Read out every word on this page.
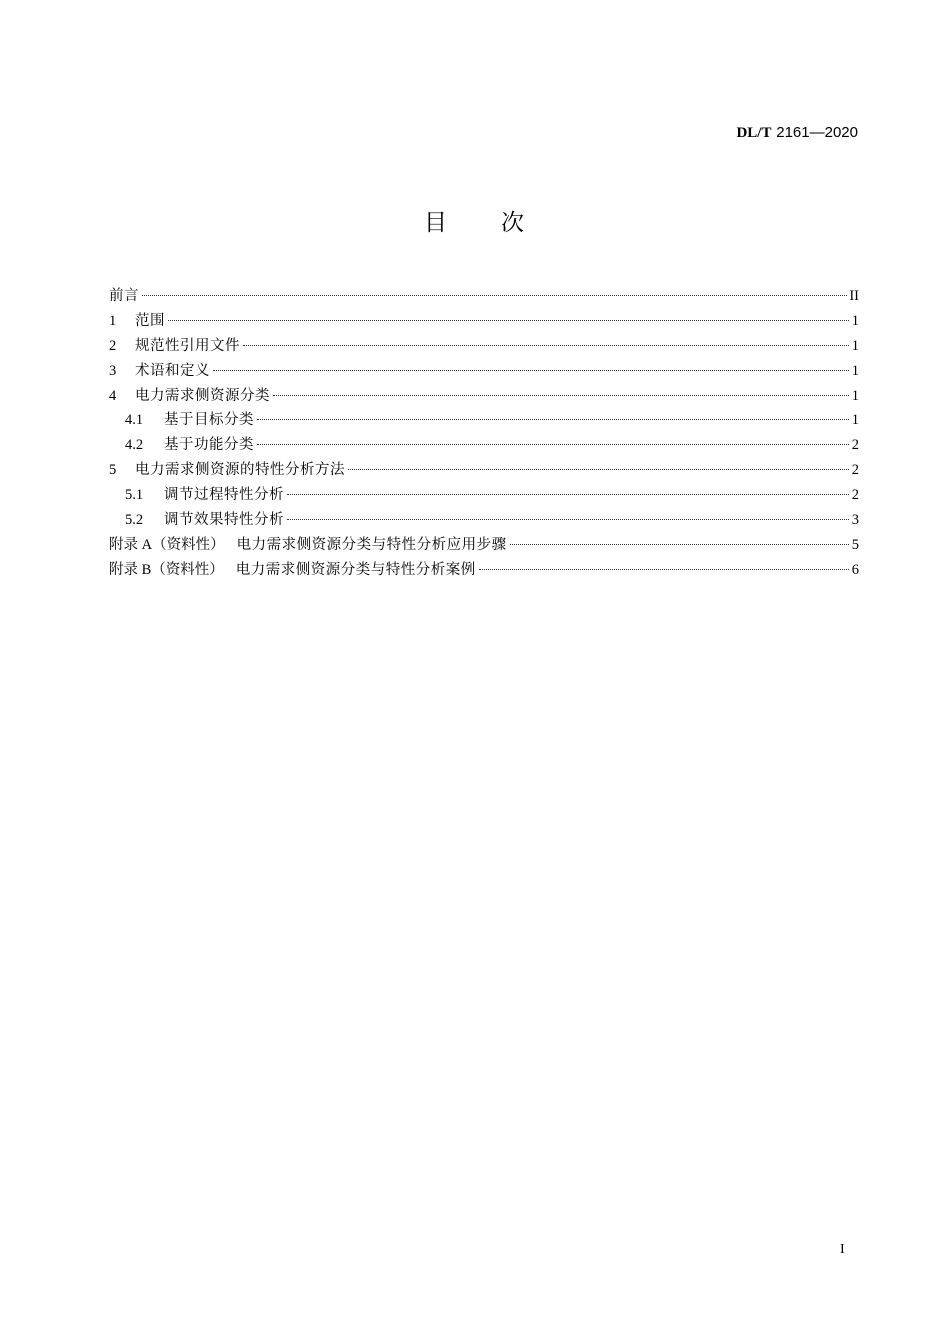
DL/T 2161—2020
目 次
前言	II
1	范围	1
2	规范性引用文件	1
3	术语和定义	1
4	电力需求侧资源分类	1
4.1	基于目标分类	1
4.2	基于功能分类	2
5	电力需求侧资源的特性分析方法	2
5.1	调节过程特性分析	2
5.2	调节效果特性分析	3
附录 A（资料性） 电力需求侧资源分类与特性分析应用步骤	5
附录 B（资料性） 电力需求侧资源分类与特性分析案例	6
I
